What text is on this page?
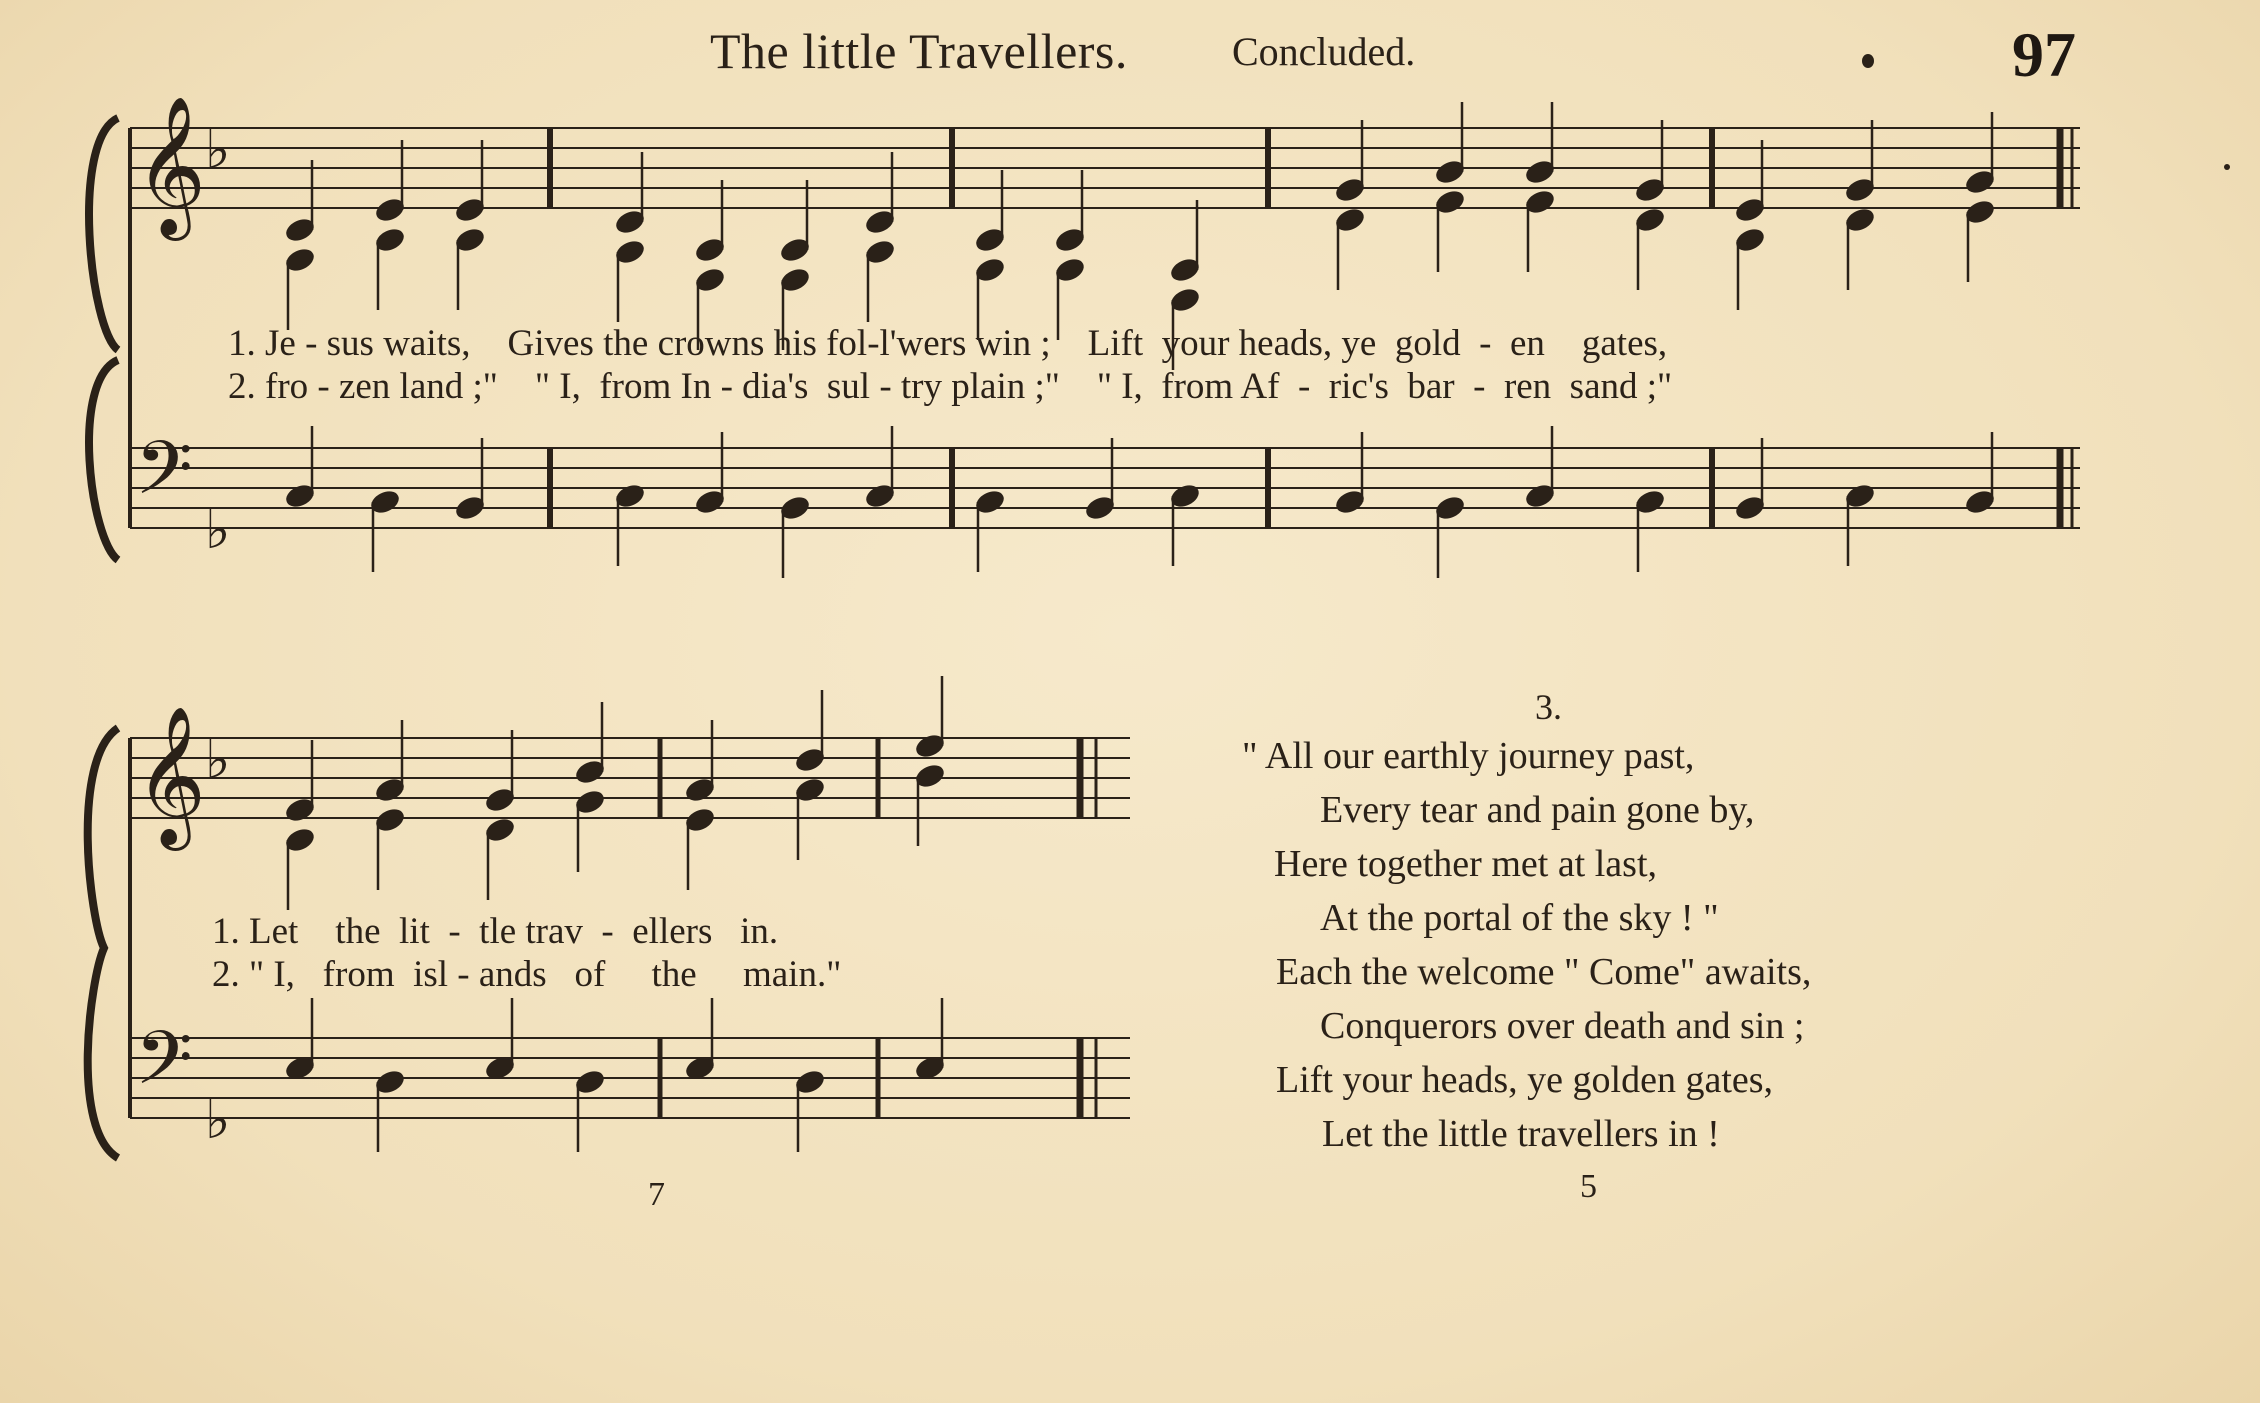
The little Travellers.	Concluded.	97
𝄞
𝄢
♭
♭
𝄞
𝄢
♭
♭
1. Je - sus waits,    Gives the crowns his fol-l'wers win ;    Lift  your heads, ye  gold  -  en    gates,
2. fro - zen land ;"    " I,  from In - dia's  sul - try plain ;"    " I,  from Af  -  ric's  bar  -  ren  sand ;"
1. Let    the  lit  -  tle trav  -  ellers   in.
2. " I,   from  isl - ands   of     the     main."
3.
" All our earthly journey past,
Every tear and pain gone by,
Here together met at last,
At the portal of the sky ! "
Each the welcome " Come" awaits,
Conquerors over death and sin ;
Lift your heads, ye golden gates,
Let the little travellers in !
7	5
